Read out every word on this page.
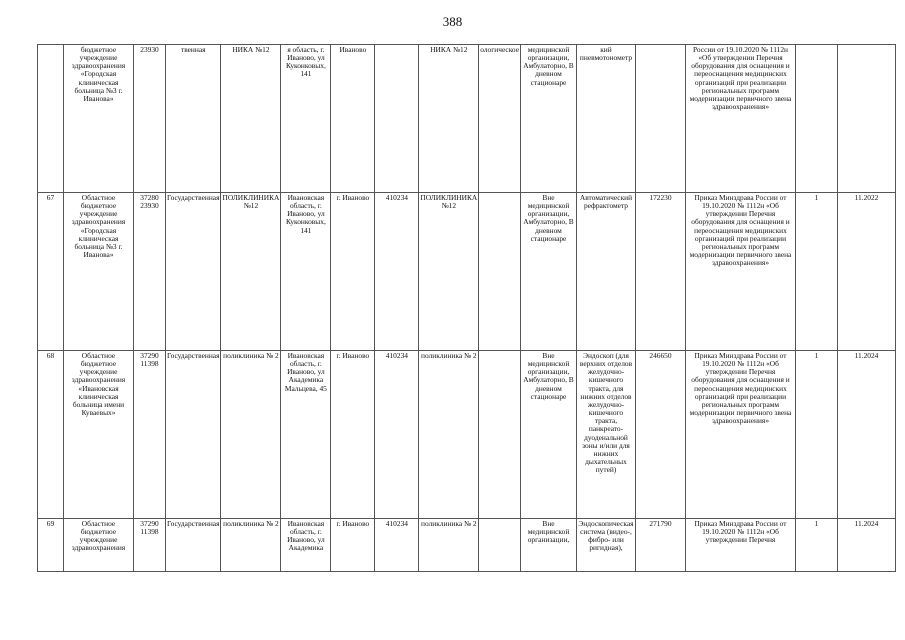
388
	бюджетное учреждение здравоохранения «Городская клиническая больница №3 г. Иванова»	23930	твенная	НИКА №12	я область, г. Иваново, ул Куконковых, 141	Иваново		НИКА №12	ологическое	медицинской организации, Амбулаторно, В дневном стационаре	кий пневмотонометр		России от 19.10.2020 № 1112н «Об утверждении Перечня оборудования для оснащения и переоснащения медицинских организаций при реализации региональных программ модернизации первичного звена здравоохранения»		
67	Областное бюджетное учреждение здравоохранения «Городская клиническая больница №3 г. Иванова»	37280 23930	Государственная	ПОЛИКЛИНИКА №12	Ивановская область, г. Иваново, ул Куконковых, 141	г. Иваново	410234	ПОЛИКЛИНИКА №12		Вне медицинской организации, Амбулаторно, В дневном стационаре	Автоматический рефрактометр	172230	Приказ Минздрава России от 19.10.2020 № 1112н «Об утверждении Перечня оборудования для оснащения и переоснащения медицинских организаций при реализации региональных программ модернизации первичного звена здравоохранения»	1	11.2022
68	Областное бюджетное учреждение здравоохранения «Ивановская клиническая больница имени Куваевых»	37290 11398	Государственная	поликлиника № 2	Ивановская область, г. Иваново, ул Академика Мальцева, 45	г. Иваново	410234	поликлиника № 2		Вне медицинской организации, Амбулаторно, В дневном стационаре	Эндоскоп (для верхних отделов желудочно-кишечного тракта, для нижних отделов желудочно-кишечного тракта, панкреато-дуоденальной зоны и/или для нижних дыхательных путей)	246650	Приказ Минздрава России от 19.10.2020 № 1112н «Об утверждении Перечня оборудования для оснащения и переоснащения медицинских организаций при реализации региональных программ модернизации первичного звена здравоохранения»	1	11.2024
69	Областное бюджетное учреждение здравоохранения	37290 11398	Государственная	поликлиника № 2	Ивановская область, г. Иваново, ул Академика	г. Иваново	410234	поликлиника № 2		Вне медицинской организации,	Эндоскопическая система (видео-, фибро- или ригидная),	271790	Приказ Минздрава России от 19.10.2020 № 1112н «Об утверждении Перечня	1	11.2024
